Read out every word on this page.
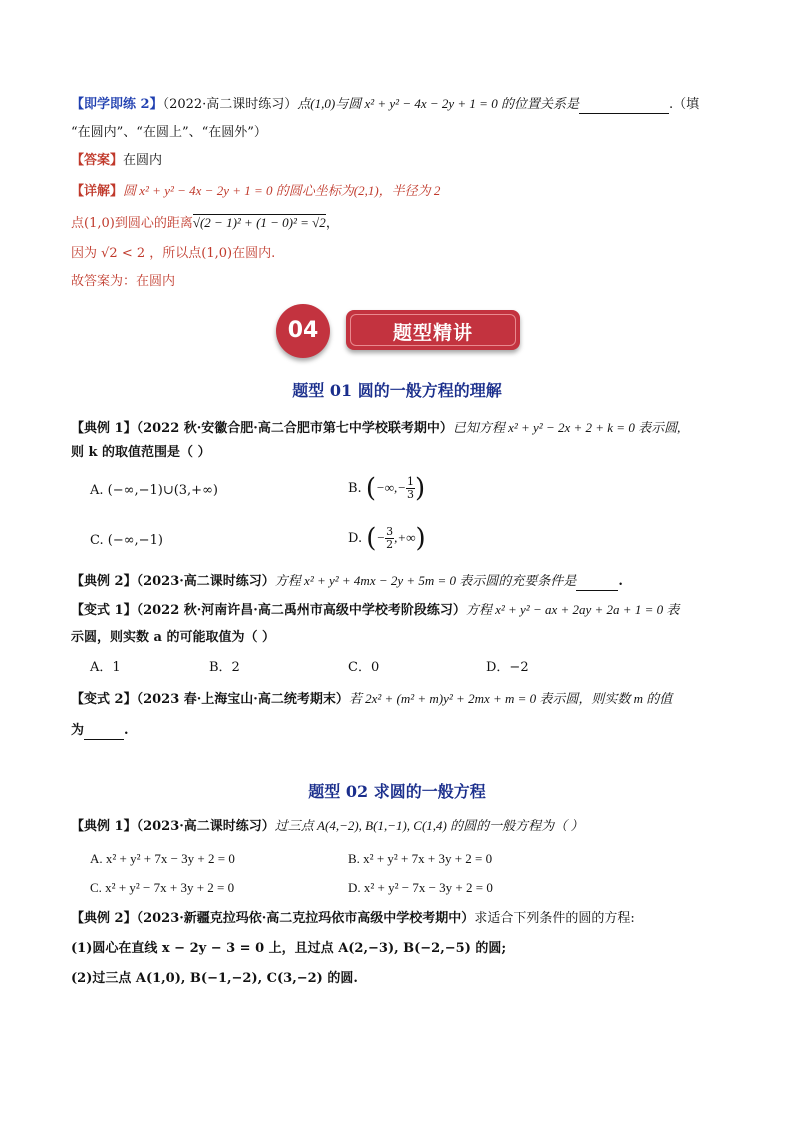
【即学即练 2】（2022·高二课时练习）点(1,0)与圆 x² + y² − 4x − 2y + 1 = 0 的位置关系是	.（填
“在圆内”、“在圆上”、“在圆外”）
【答案】在圆内
【详解】圆 x² + y² − 4x − 2y + 1 = 0 的圆心坐标为(2,1)，半径为 2
点(1,0)到圆心的距离√(2 − 1)² + (1 − 0)² = √2，
因为 √2 < 2 ，所以点(1,0)在圆内.
故答案为：在圆内
04	题型精讲
题型 01 圆的一般方程的理解
【典例 1】（2022 秋·安徽合肥·高二合肥市第七中学校联考期中）已知方程 x² + y² − 2x + 2 + k = 0 表示圆,
则 k 的取值范围是（ ）
A. (−∞,−1)∪(3,+∞)	B. (−∞,− $\frac{1}{3}$ )
C. (−∞,−1)	D. (− $\frac{3}{2}$ ,+∞)
【典例 2】（2023·高二课时练习）方程 x² + y² + 4mx − 2y + 5m = 0 表示圆的充要条件是	.
【变式 1】（2022 秋·河南许昌·高二禹州市高级中学校考阶段练习）方程 x² + y² − ax + 2ay + 2a + 1 = 0 表
示圆，则实数 a 的可能取值为（ ）
A．1	B．2	C．0	D．−2
【变式 2】（2023 春·上海宝山·高二统考期末）若 2x² + (m² + m)y² + 2mx + m = 0 表示圆，则实数 m 的值
为	.
题型 02 求圆的一般方程
【典例 1】（2023·高二课时练习）过三点 A(4,−2), B(1,−1), C(1,4) 的圆的一般方程为（ ）
A. x² + y² + 7x − 3y + 2 = 0	B. x² + y² + 7x + 3y + 2 = 0
C. x² + y² − 7x + 3y + 2 = 0	D. x² + y² − 7x − 3y + 2 = 0
【典例 2】（2023·新疆克拉玛依·高二克拉玛依市高级中学校考期中）求适合下列条件的圆的方程:
(1)圆心在直线 x − 2y − 3 = 0 上，且过点 A(2,−3), B(−2,−5) 的圆;
(2)过三点 A(1,0), B(−1,−2), C(3,−2) 的圆.
